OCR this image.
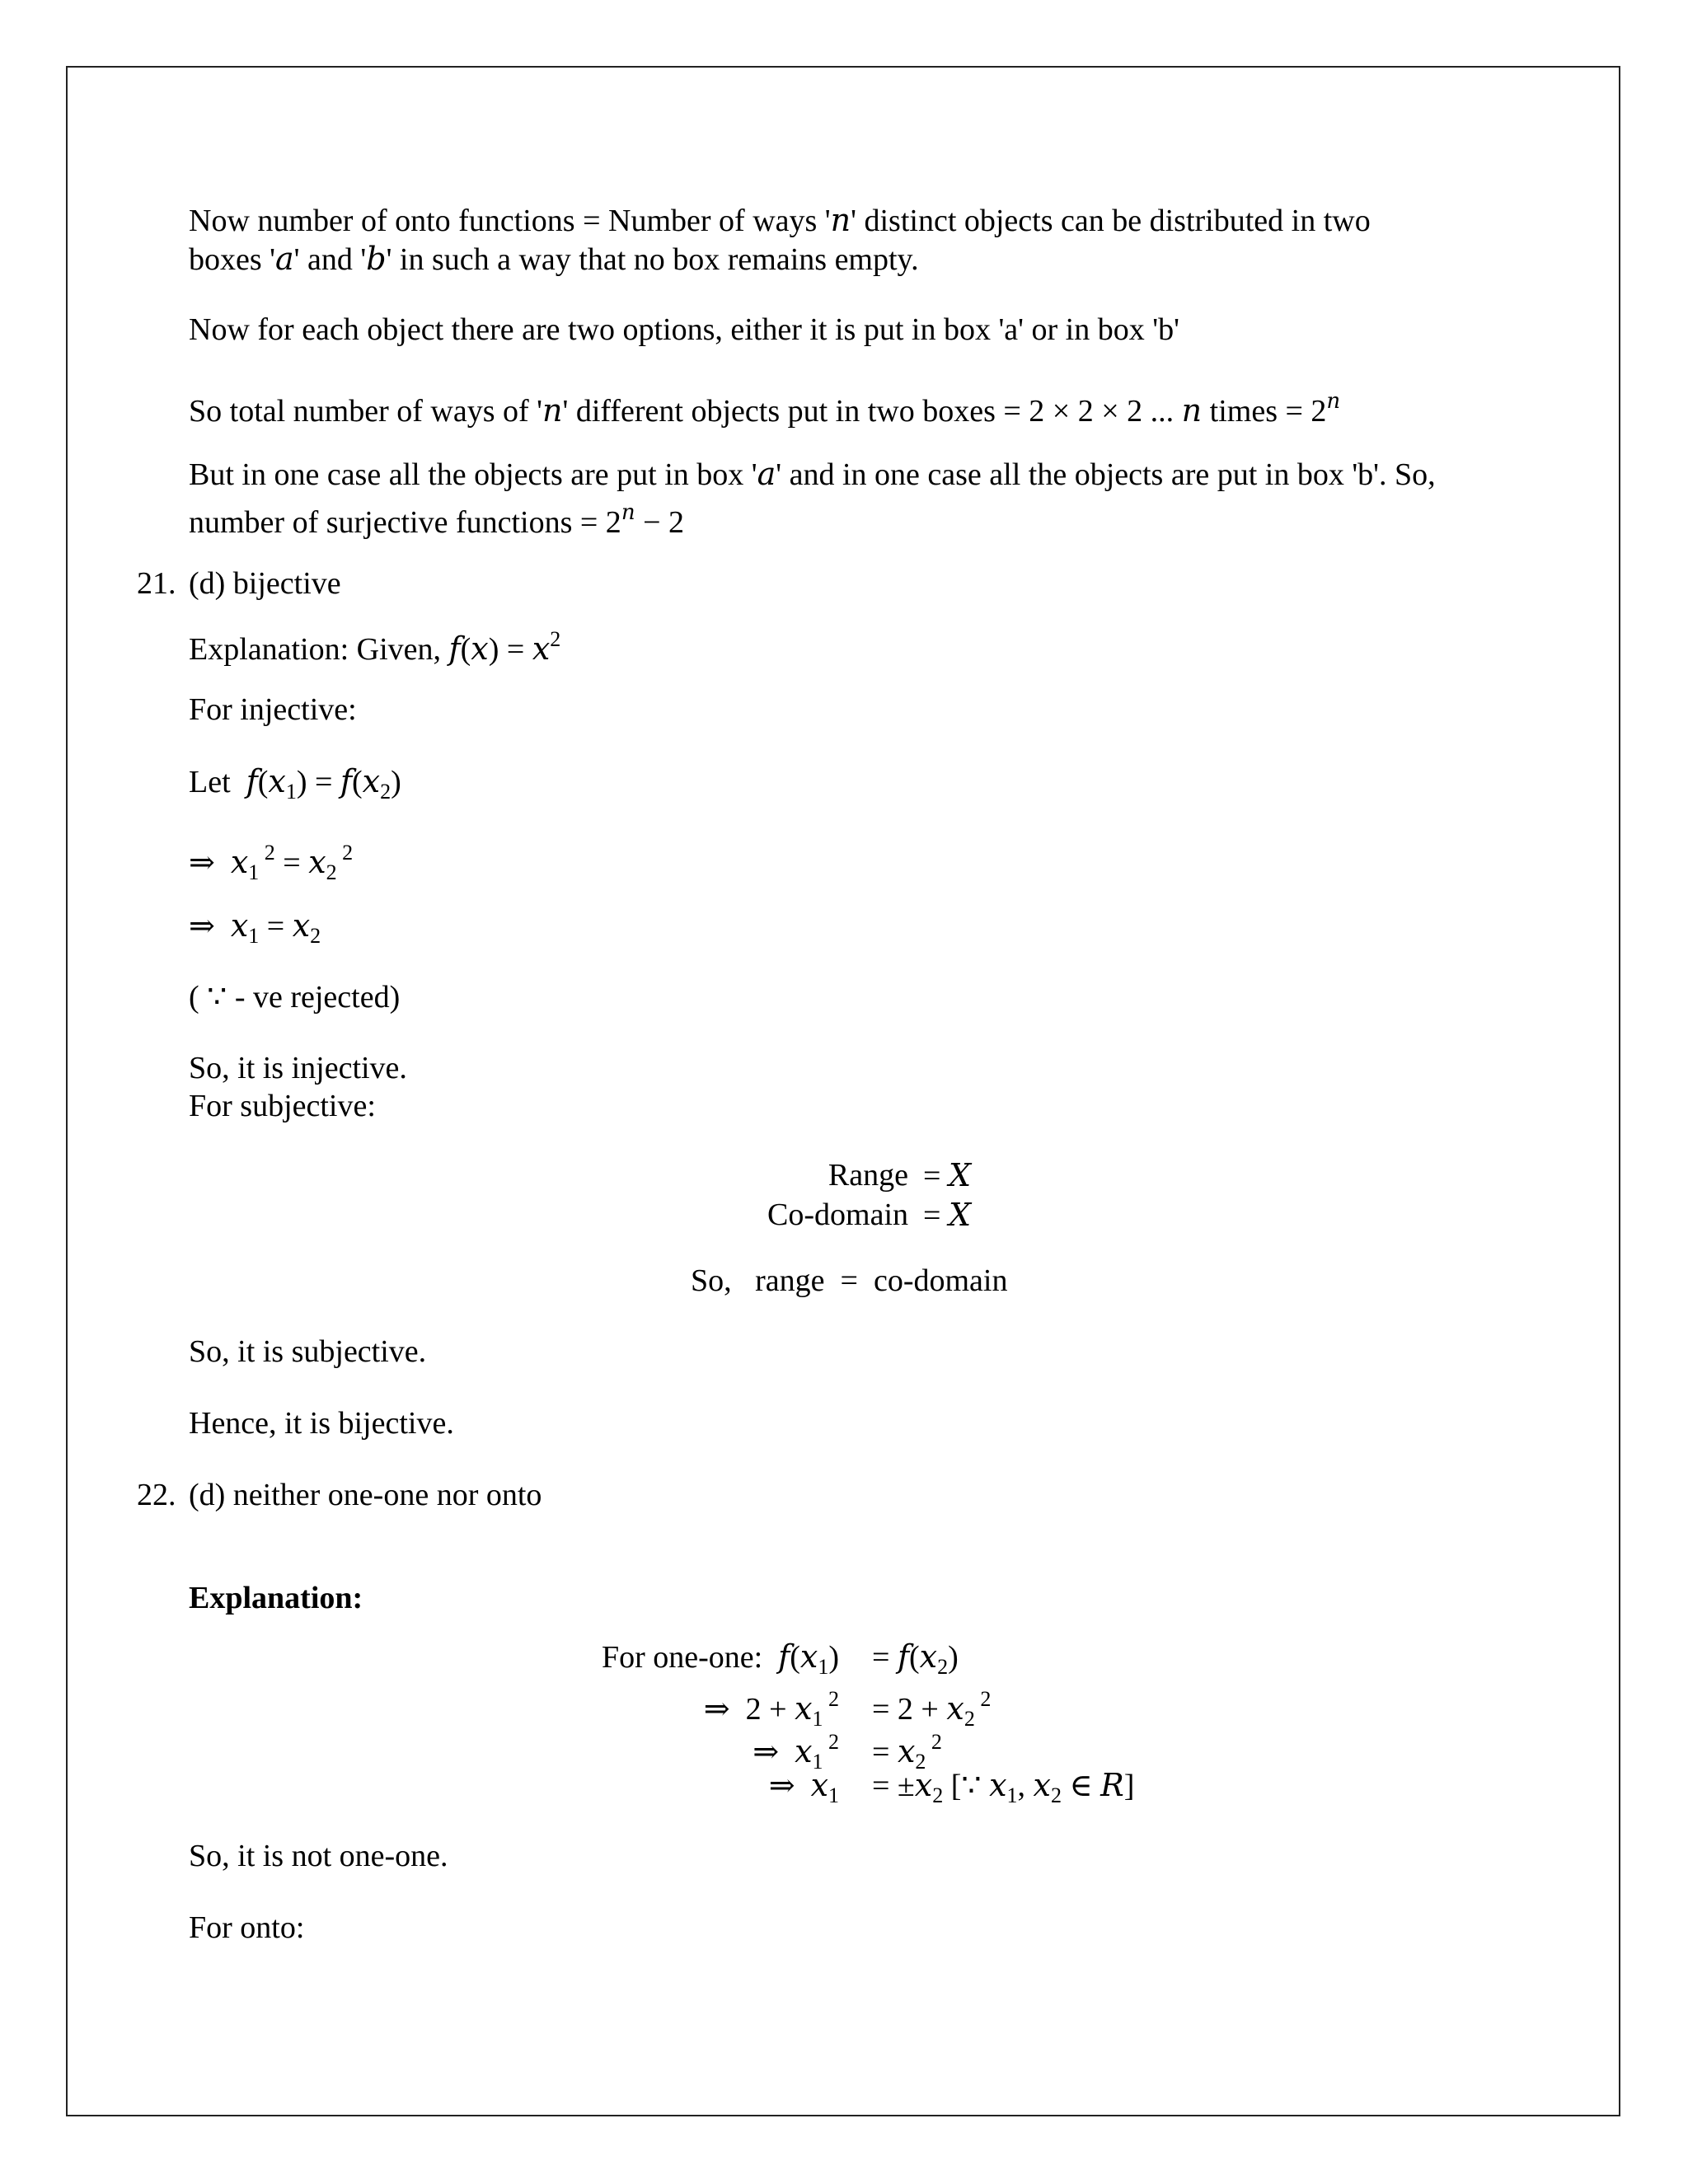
Now number of onto functions = Number of ways 'n' distinct objects can be distributed in two
boxes 'a' and 'b' in such a way that no box remains empty.
Now for each object there are two options, either it is put in box 'a' or in box 'b'
So total number of ways of 'n' different objects put in two boxes = 2 × 2 × 2 ... n times = $2^n$
But in one case all the objects are put in box 'a' and in one case all the objects are put in box 'b'. So,
number of surjective functions = $2^n - 2$
21. (d) bijective
Explanation: Given, $f(x) = x^2$
For injective:
Let $f(x_1) = f(x_2)$
⇒  $x_1$ $^2 = x_2$ $^2$
⇒  $x_1 = x_2$
( ∵ - ve rejected)
So, it is injective.
For subjective:
Range = X
Co-domain = X
So,   range  =  co-domain
So, it is subjective.
Hence, it is bijective.
22. (d) neither one-one nor onto
Explanation:
For one-one: $f(x_1) = f(x_2)$
⇒  $2 + x_1$ $^2 = 2 + x_2$ $^2$
⇒  $x_1$ $^2 = x_2$ $^2$
⇒  $x_1 = \pm x_2$ [∵ $x_1$, $x_2$ ∈ R]
So, it is not one-one.
For onto:
